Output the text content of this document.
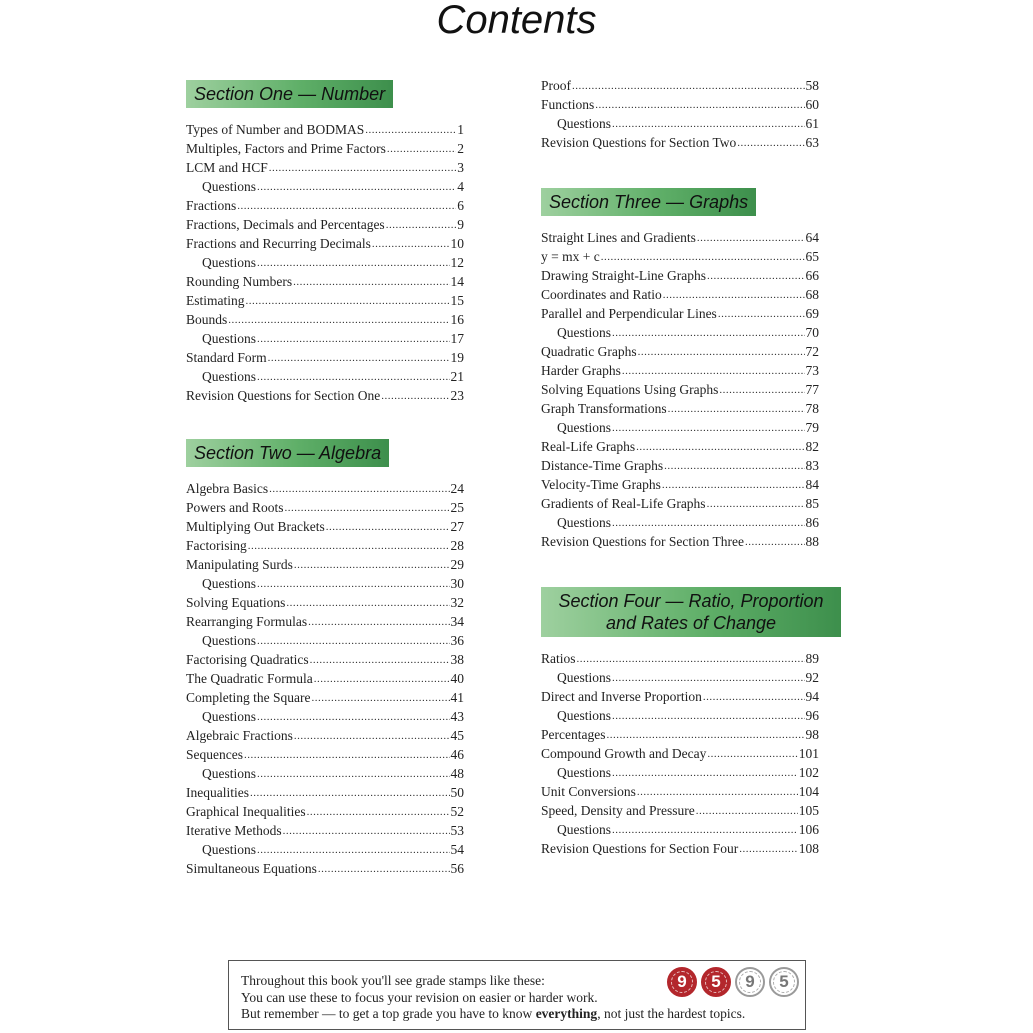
Contents
Section One — Number
Types of Number and BODMAS .....	1
Multiples, Factors and Prime Factors .....	2
LCM and HCF .....	3
Questions .....	4
Fractions .....	6
Fractions, Decimals and Percentages .....	9
Fractions and Recurring Decimals .....	10
Questions .....	12
Rounding Numbers .....	14
Estimating .....	15
Bounds .....	16
Questions .....	17
Standard Form .....	19
Questions .....	21
Revision Questions for Section One .....	23
Section Two — Algebra
Algebra Basics .....	24
Powers and Roots .....	25
Multiplying Out Brackets .....	27
Factorising .....	28
Manipulating Surds .....	29
Questions .....	30
Solving Equations .....	32
Rearranging Formulas .....	34
Questions .....	36
Factorising Quadratics .....	38
The Quadratic Formula .....	40
Completing the Square .....	41
Questions .....	43
Algebraic Fractions .....	45
Sequences .....	46
Questions .....	48
Inequalities .....	50
Graphical Inequalities .....	52
Iterative Methods .....	53
Questions .....	54
Simultaneous Equations .....	56
Proof .....	58
Functions .....	60
Questions .....	61
Revision Questions for Section Two .....	63
Section Three — Graphs
Straight Lines and Gradients .....	64
y = mx + c .....	65
Drawing Straight-Line Graphs .....	66
Coordinates and Ratio .....	68
Parallel and Perpendicular Lines .....	69
Questions .....	70
Quadratic Graphs .....	72
Harder Graphs .....	73
Solving Equations Using Graphs .....	77
Graph Transformations .....	78
Questions .....	79
Real-Life Graphs .....	82
Distance-Time Graphs .....	83
Velocity-Time Graphs .....	84
Gradients of Real-Life Graphs .....	85
Questions .....	86
Revision Questions for Section Three .....	88
Section Four — Ratio, Proportion
and Rates of Change
Ratios .....	89
Questions .....	92
Direct and Inverse Proportion .....	94
Questions .....	96
Percentages .....	98
Compound Growth and Decay .....	101
Questions .....	102
Unit Conversions .....	104
Speed, Density and Pressure .....	105
Questions .....	106
Revision Questions for Section Four .....	108
Throughout this book you'll see grade stamps like these:
You can use these to focus your revision on easier or harder work.
But remember — to get a top grade you have to know everything, not just the hardest topics.
9 5 9 5
